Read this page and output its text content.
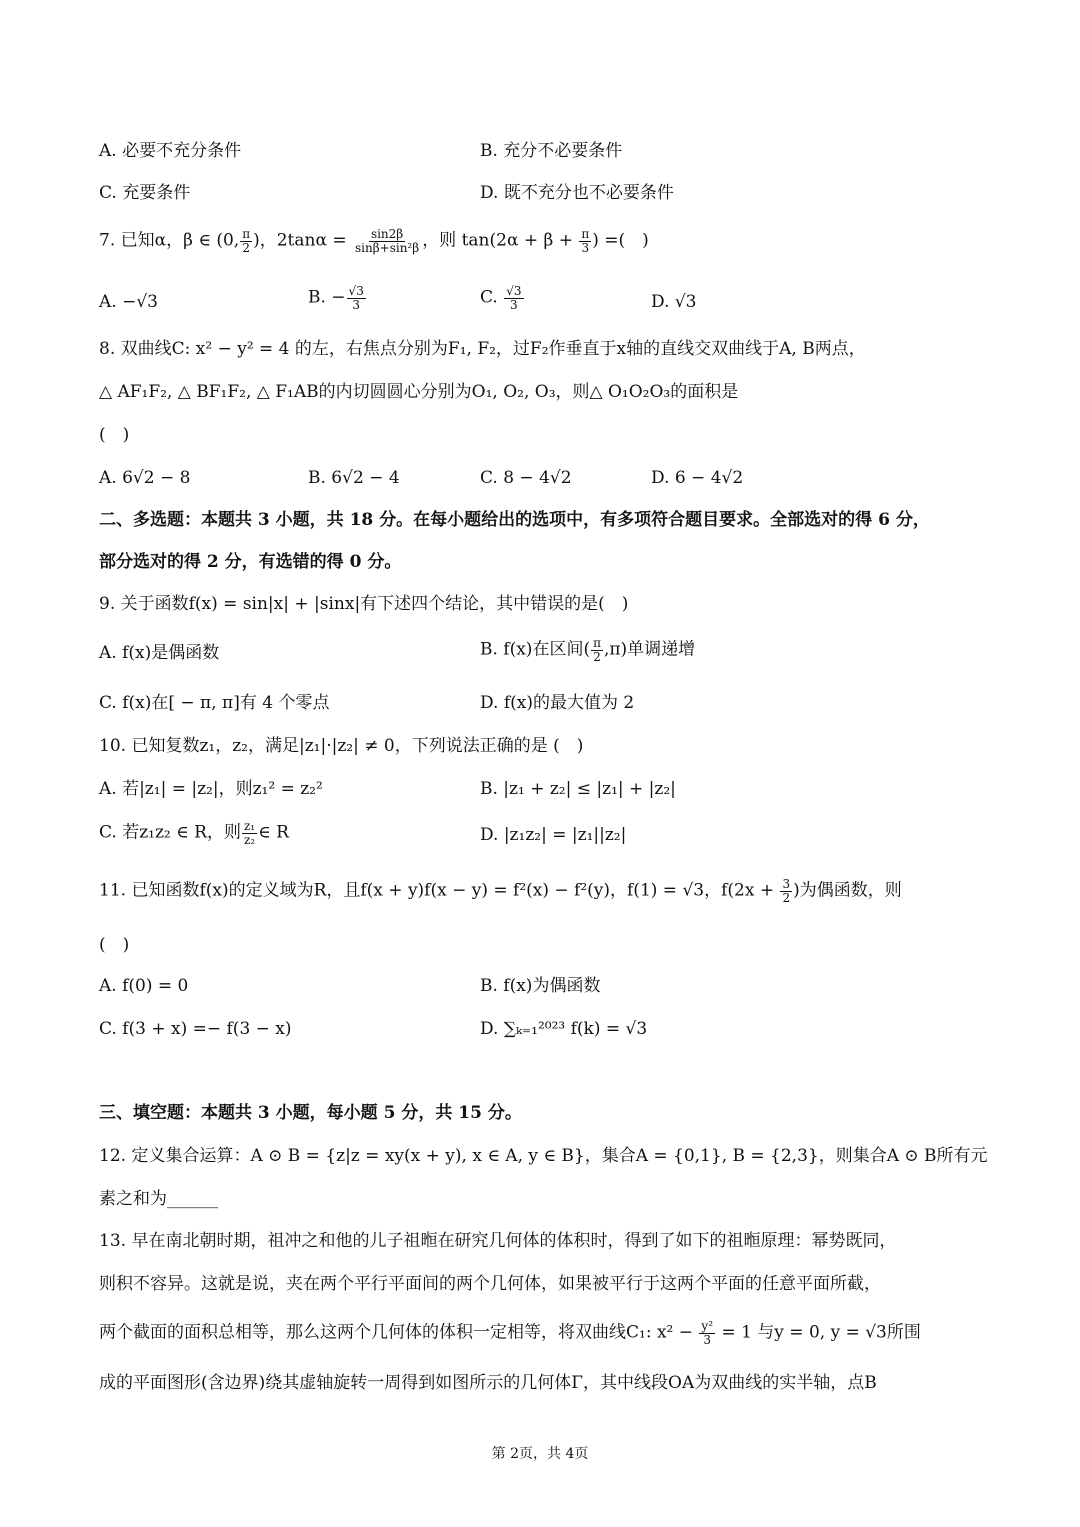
A. 必要不充分条件	B. 充分不必要条件
C. 充要条件	D. 既不充分也不必要条件
7. 已知α，β ∈ (0, $\frac{\pi}{2}$ )，$2\tan\alpha = \frac{\sin 2\beta}{\text{sinβ+sin²β}}$ ，则 $\tan(2\alpha + \beta + \frac{\pi}{3}$ ) =(　)
A. −√3	B. − $\frac{√3}{3}$	C. $\frac{√3}{3}$	D. √3
8. 双曲线C: x² − y² = 4 的左，右焦点分别为F₁, F₂，过F₂作垂直于x轴的直线交双曲线于A, B两点，
△ AF₁F₂, △ BF₁F₂, △ F₁AB的内切圆圆心分别为O₁, O₂, O₃，则△ O₁O₂O₃的面积是
(　)
A. 6√2 − 8	B. 6√2 − 4	C. 8 − 4√2	D. 6 − 4√2
二、多选题：本题共 3 小题，共 18 分。在每小题给出的选项中，有多项符合题目要求。全部选对的得 6 分，
部分选对的得 2 分，有选错的得 0 分。
9. 关于函数f(x) = sin|x| + |sinx|有下述四个结论，其中错误的是(　)
A. f(x)是偶函数	B. f(x)在区间( $\frac{\pi}{2} ,\pi$)单调递增
C. f(x)在[ − π, π]有 4 个零点	D. f(x)的最大值为 2
10. 已知复数z₁，z₂，满足|z₁|·|z₂| ≠ 0，下列说法正确的是 (　)
A. 若|z₁| = |z₂|，则z₁² = z₂²	B. |z₁ + z₂| ≤ |z₁| + |z₂|
C. 若z₁z₂ ∈ R，则 $\frac{\text{z₁}}{\text{z₂}}$ ∈ R	D. |z₁z₂| = |z₁||z₂|
11. 已知函数f(x)的定义域为R，且f(x + y)f(x − y) = f²(x) − f²(y)，f(1) = √3，$f(2x + \frac{3}{2}$ )为偶函数，则
(　)
A. f(0) = 0	B. f(x)为偶函数
C. f(3 + x) =− f(3 − x)	D. ∑ₖ₌₁²⁰²³ f(k) = √3
三、填空题：本题共 3 小题，每小题 5 分，共 15 分。
12. 定义集合运算：A ⊙ B = {z|z = xy(x + y), x ∈ A, y ∈ B}，集合A = {0,1}, B = {2,3}，则集合A ⊙ B所有元
素之和为______
13. 早在南北朝时期，祖冲之和他的儿子祖暅在研究几何体的体积时，得到了如下的祖暅原理：幂势既同，
则积不容异。这就是说，夹在两个平行平面间的两个几何体，如果被平行于这两个平面的任意平面所截，
两个截面的面积总相等，那么这两个几何体的体积一定相等，将双曲线C₁: $x^2 - \frac{\text{y²}}{3} = 1$ 与y = 0, y = √3所围
成的平面图形(含边界)绕其虚轴旋转一周得到如图所示的几何体Γ，其中线段OA为双曲线的实半轴，点B
第 2页，共 4页
